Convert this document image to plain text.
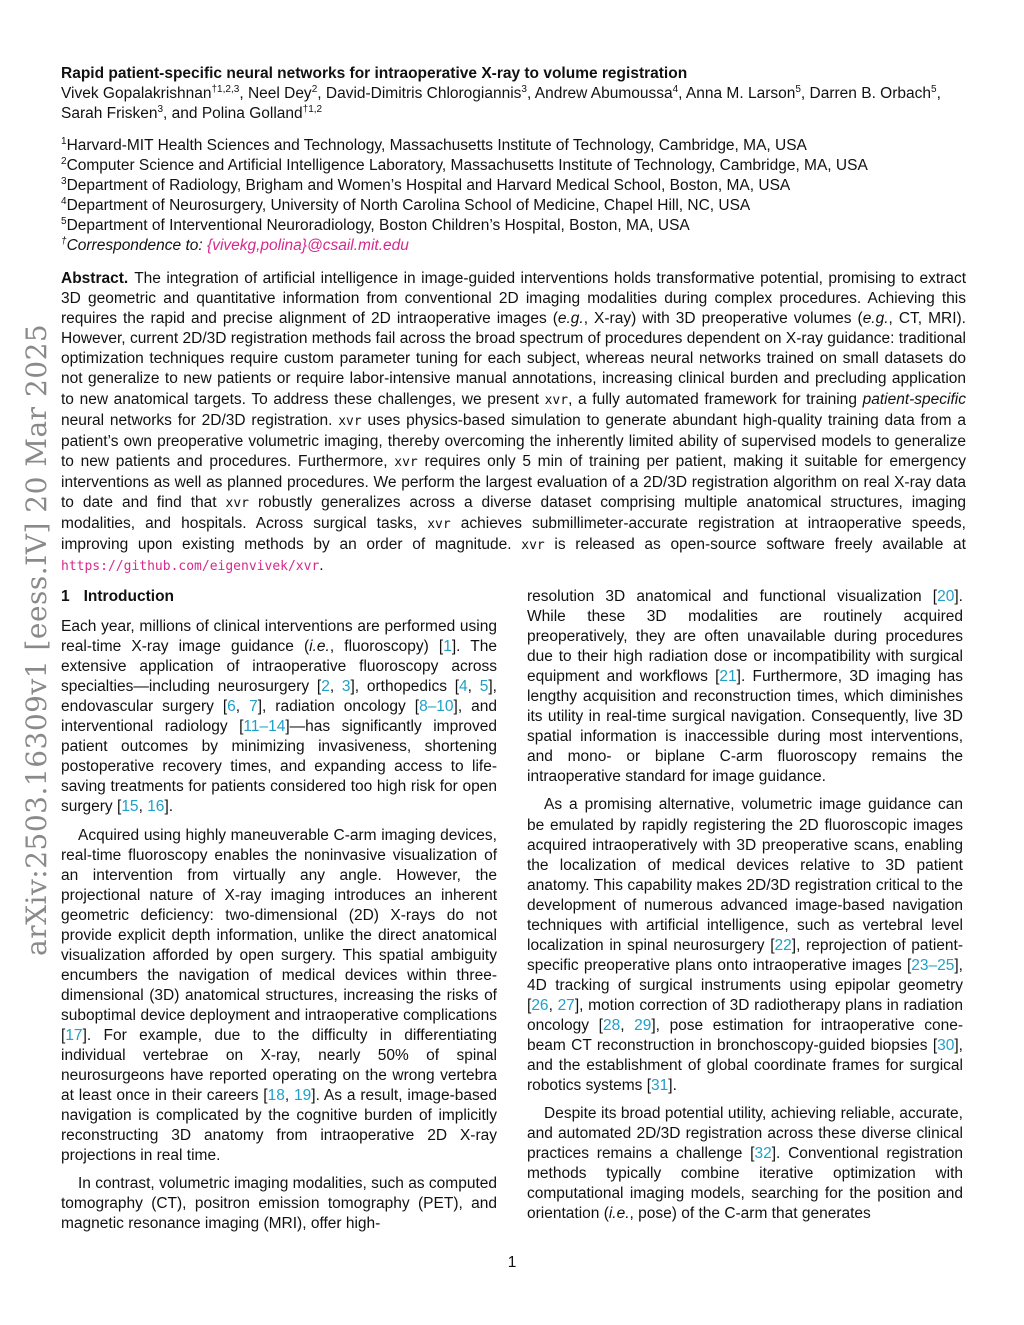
arXiv:2503.16309v1 [eess.IV] 20 Mar 2025
Rapid patient-specific neural networks for intraoperative X-ray to volume registration
Vivek Gopalakrishnan$^{\dagger 1,2,3}$, Neel Dey$^2$, David-Dimitris Chlorogiannis$^3$, Andrew Abumoussa$^4$, Anna M. Larson$^5$, Darren B. Orbach$^5$, Sarah Frisken$^3$, and Polina Golland$^{\dagger 1,2}$
$^1$Harvard-MIT Health Sciences and Technology, Massachusetts Institute of Technology, Cambridge, MA, USA
$^2$Computer Science and Artificial Intelligence Laboratory, Massachusetts Institute of Technology, Cambridge, MA, USA
$^3$Department of Radiology, Brigham and Women’s Hospital and Harvard Medical School, Boston, MA, USA
$^4$Department of Neurosurgery, University of North Carolina School of Medicine, Chapel Hill, NC, USA
$^5$Department of Interventional Neuroradiology, Boston Children’s Hospital, Boston, MA, USA
†Correspondence to: {vivekg,polina}@csail.mit.edu
Abstract. The integration of artificial intelligence in image-guided interventions holds transformative potential, promising to extract 3D geometric and quantitative information from conventional 2D imaging modalities during complex procedures. Achieving this requires the rapid and precise alignment of 2D intraoperative images (e.g., X-ray) with 3D preoperative volumes (e.g., CT, MRI). However, current 2D/3D registration methods fail across the broad spectrum of procedures dependent on X-ray guidance: traditional optimization techniques require custom parameter tuning for each subject, whereas neural networks trained on small datasets do not generalize to new patients or require labor-intensive manual annotations, increasing clinical burden and precluding application to new anatomical targets. To address these challenges, we present xvr, a fully automated framework for training patient-specific neural networks for 2D/3D registration. xvr uses physics-based simulation to generate abundant high-quality training data from a patient’s own preoperative volumetric imaging, thereby overcoming the inherently limited ability of supervised models to generalize to new patients and procedures. Furthermore, xvr requires only 5 min of training per patient, making it suitable for emergency interventions as well as planned procedures. We perform the largest evaluation of a 2D/3D registration algorithm on real X-ray data to date and find that xvr robustly generalizes across a diverse dataset comprising multiple anatomical structures, imaging modalities, and hospitals. Across surgical tasks, xvr achieves submillimeter-accurate registration at intraoperative speeds, improving upon existing methods by an order of magnitude. xvr is released as open-source software freely available at https://github.com/eigenvivek/xvr.
1 Introduction

Each year, millions of clinical interventions are performed using real-time X-ray image guidance (i.e., fluoroscopy) [1]. The extensive application of intraoperative fluoroscopy across specialties—including neurosurgery [2, 3], orthopedics [4, 5], endovascular surgery [6, 7], radiation oncology [8–10], and interventional radiology [11–14]—has significantly improved patient outcomes by minimizing invasiveness, shortening postoperative recovery times, and expanding access to life-saving treatments for patients considered too high risk for open surgery [15, 16].

Acquired using highly maneuverable C-arm imaging devices, real-time fluoroscopy enables the noninvasive visualization of an intervention from virtually any angle. However, the projectional nature of X-ray imaging introduces an inherent geometric deficiency: two-dimensional (2D) X-rays do not provide explicit depth information, unlike the direct anatomical visualization afforded by open surgery. This spatial ambiguity encumbers the navigation of medical devices within three-dimensional (3D) anatomical structures, increasing the risks of suboptimal device deployment and intraoperative complications [17]. For example, due to the difficulty in differentiating individual vertebrae on X-ray, nearly 50% of spinal neurosurgeons have reported operating on the wrong vertebra at least once in their careers [18, 19]. As a result, image-based navigation is complicated by the cognitive burden of implicitly reconstructing 3D anatomy from intraoperative 2D X-ray projections in real time.

In contrast, volumetric imaging modalities, such as computed tomography (CT), positron emission tomography (PET), and magnetic resonance imaging (MRI), offer high-

resolution 3D anatomical and functional visualization [20]. While these 3D modalities are routinely acquired preoperatively, they are often unavailable during procedures due to their high radiation dose or incompatibility with surgical equipment and workflows [21]. Furthermore, 3D imaging has lengthy acquisition and reconstruction times, which diminishes its utility in real-time surgical navigation. Consequently, live 3D spatial information is inaccessible during most interventions, and mono- or biplane C-arm fluoroscopy remains the intraoperative standard for image guidance.

As a promising alternative, volumetric image guidance can be emulated by rapidly registering the 2D fluoroscopic images acquired intraoperatively with 3D preoperative scans, enabling the localization of medical devices relative to 3D patient anatomy. This capability makes 2D/3D registration critical to the development of numerous advanced image-based navigation techniques with artificial intelligence, such as vertebral level localization in spinal neurosurgery [22], reprojection of patient-specific preoperative plans onto intraoperative images [23–25], 4D tracking of surgical instruments using epipolar geometry [26, 27], motion correction of 3D radiotherapy plans in radiation oncology [28, 29], pose estimation for intraoperative cone-beam CT reconstruction in bronchoscopy-guided biopsies [30], and the establishment of global coordinate frames for surgical robotics systems [31].

Despite its broad potential utility, achieving reliable, accurate, and automated 2D/3D registration across these diverse clinical practices remains a challenge [32]. Conventional registration methods typically combine iterative optimization with computational imaging models, searching for the position and orientation (i.e., pose) of the C-arm that generates

1
